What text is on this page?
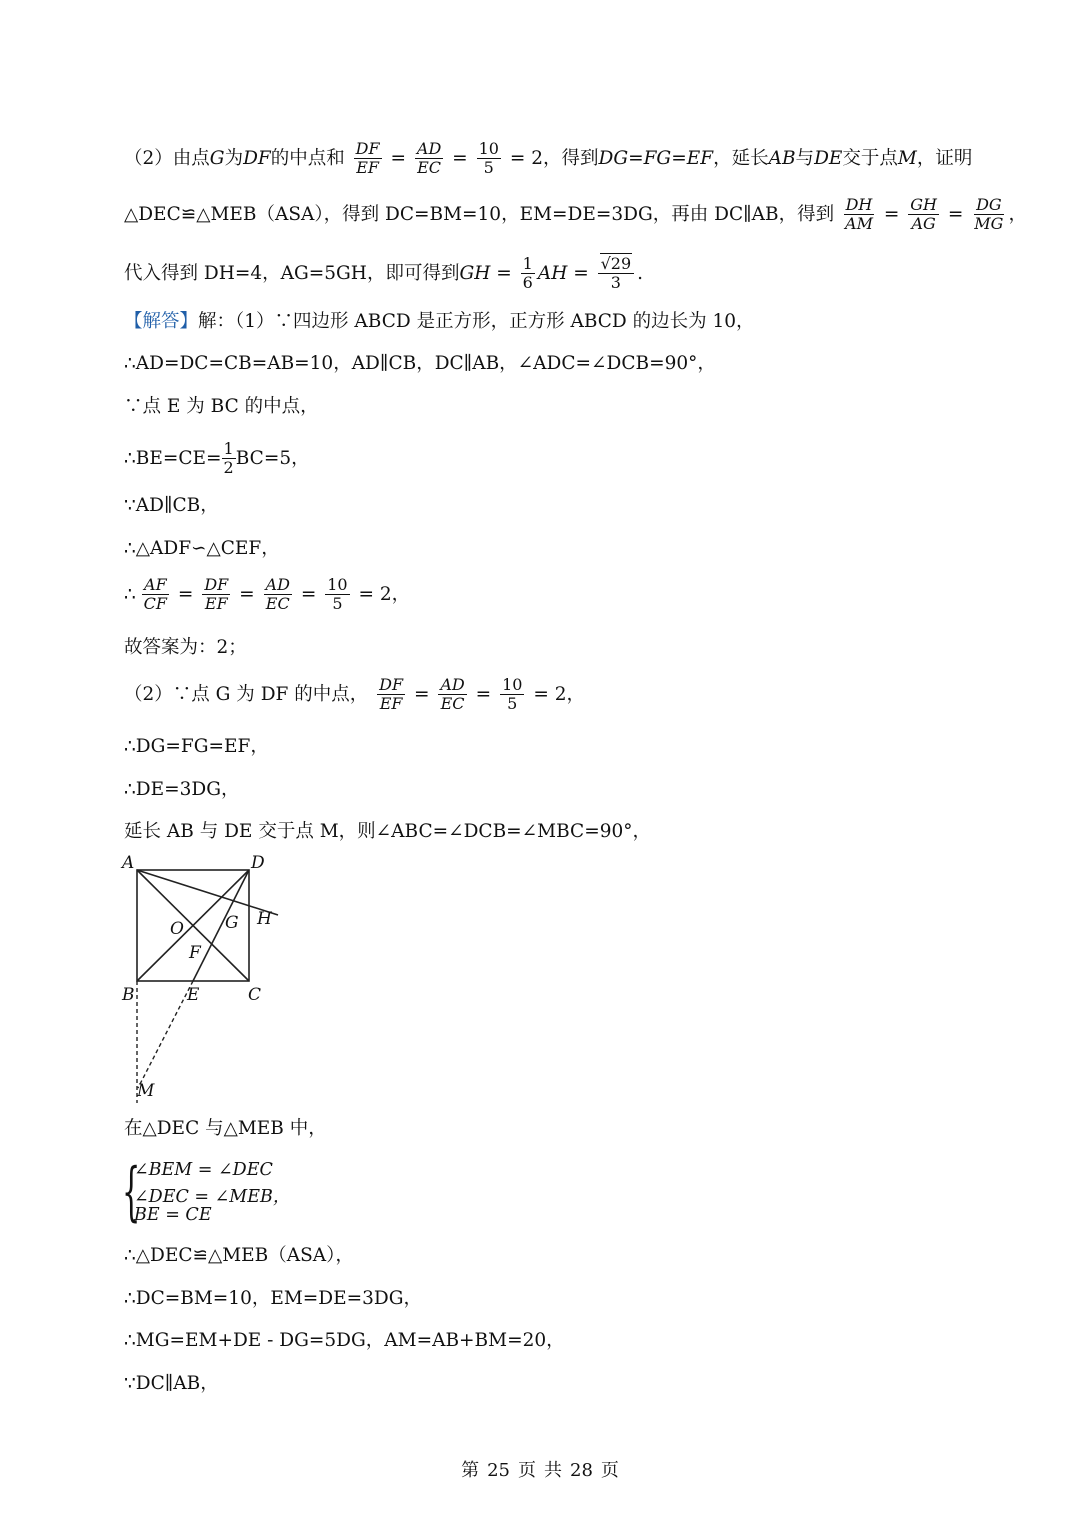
（2）由点G为DF的中点和 $\frac{DF}{EF} = \frac{AD}{EC} = \frac{10}{5} = 2$，得到DG=FG=EF，延长AB与DE交于点M，证明
△DEC≌△MEB（ASA），得到 DC=BM=10，EM=DE=3DG，再由 DC∥AB，得到 $\frac{DH}{AM} = \frac{GH}{AG} = \frac{DG}{MG}$ ，
代入得到 DH=4，AG=5GH，即可得到GH = $\frac{1}{6}$ AH = $\frac{√29}{3}$ .
【解答】解：（1）∵四边形 ABCD 是正方形，正方形 ABCD 的边长为 10，
∴AD=DC=CB=AB=10，AD∥CB，DC∥AB，∠ADC=∠DCB=90°，
∵点 E 为 BC 的中点，
∴BE=CE= $\frac{1}{2} BC=5$，
∵AD∥CB，
∴△ADF∽△CEF，
∴ $\frac{AF}{CF} = \frac{DF}{EF} = \frac{AD}{EC} = \frac{10}{5} = 2$，
故答案为：2；
（2）∵点 G 为 DF 的中点， $\frac{DF}{EF} = \frac{AD}{EC} = \frac{10}{5} = 2$，
∴DG=FG=EF，
∴DE=3DG，
延长 AB 与 DE 交于点 M，则∠ABC=∠DCB=∠MBC=90°，
A	D
H
O G
F
B	E	C
M
在△DEC 与△MEB 中，
{
∠BEM = ∠DEC
∠DEC = ∠MEB，
BE = CE
∴△DEC≌△MEB（ASA），
∴DC=BM=10，EM=DE=3DG，
∴MG=EM+DE - DG=5DG，AM=AB+BM=20，
∵DC∥AB，
第 25 页 共 28 页
